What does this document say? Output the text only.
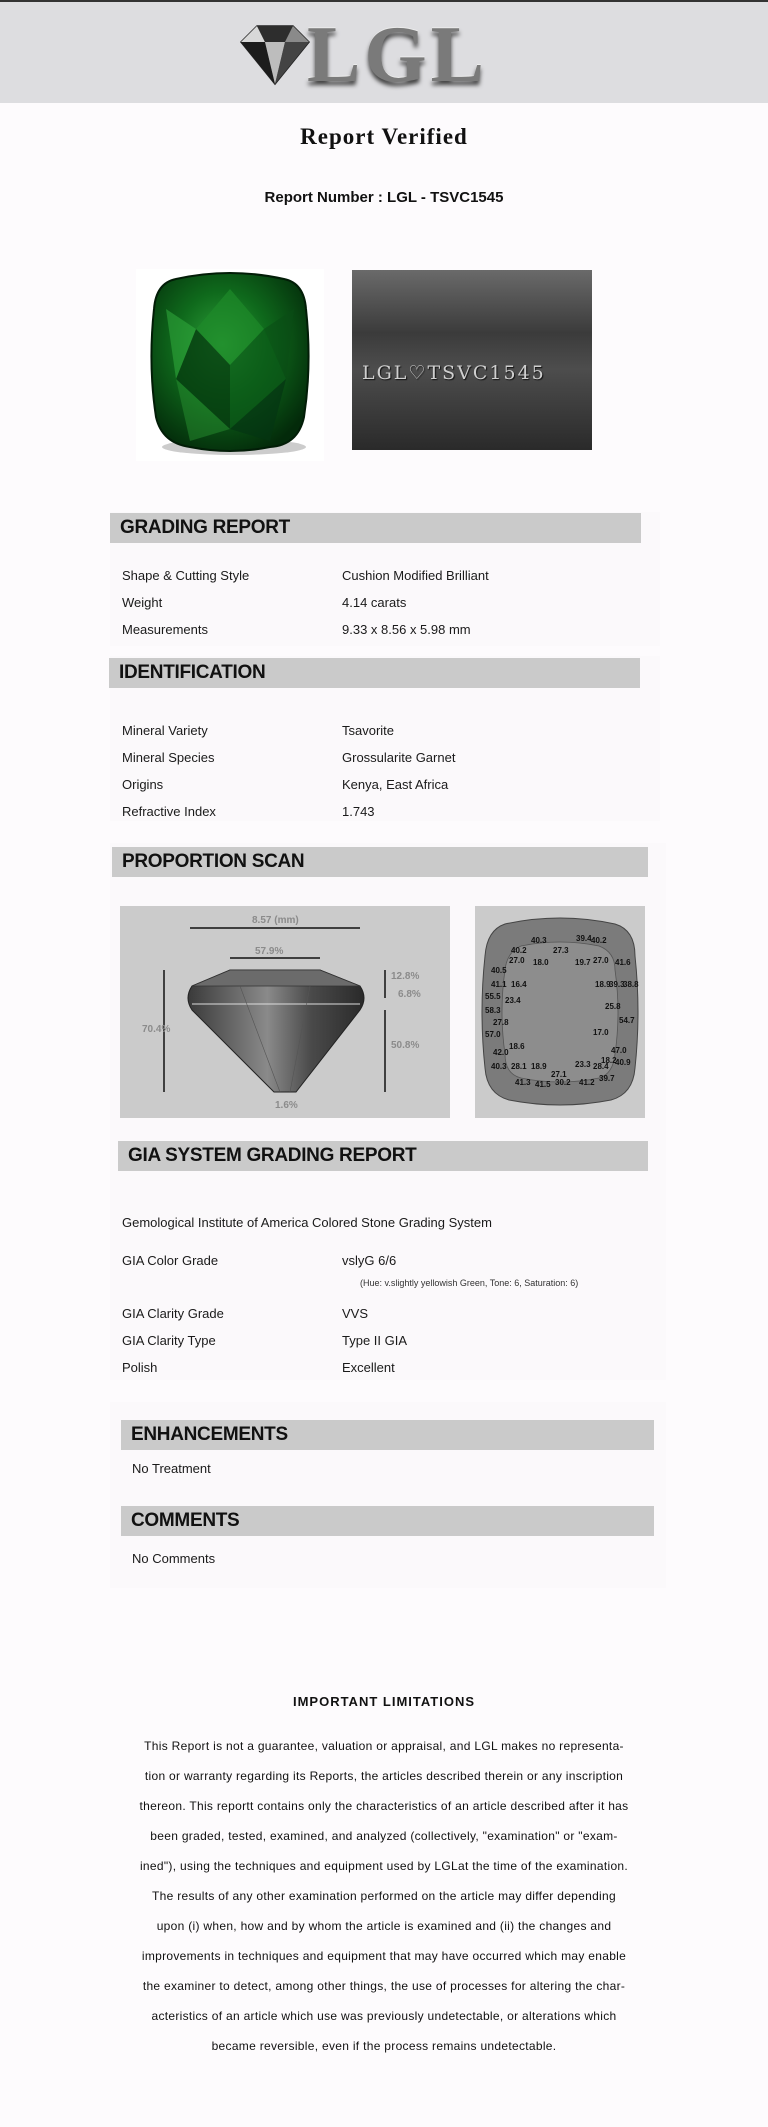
LGL
Report Verified
Report Number : LGL - TSVC1545
LGL♡TSVC1545
GRADING REPORT
Shape & Cutting Style	Cushion Modified Brilliant
Weight	4.14 carats
Measurements	9.33 x 8.56 x 5.98 mm
IDENTIFICATION
Mineral Variety	Tsavorite
Mineral Species	Grossularite Garnet
Origins	Kenya, East Africa
Refractive Index	1.743
PROPORTION SCAN
8.57 (mm)
57.9%
70.4%
12.8%
6.8%
50.8%
1.6%
40.3	39.4 40.2
27.3
40.2
27.0 18.0	19.7 27.0 41.6
40.5
41.1 16.4	18.9
39.3
38.8
55.5 23.4
58.3	25.8
27.8	54.7
57.0	17.0
18.6
42.0	47.0
40.3 28.1 18.9	23.3 18.2
28.4 40.9
27.1
41.3 41.5 30.2 41.2 39.7
GIA SYSTEM GRADING REPORT
Gemological Institute of America Colored Stone Grading System
GIA Color Grade	vslyG 6/6
(Hue: v.slightly yellowish Green, Tone: 6, Saturation: 6)
GIA Clarity Grade	VVS
GIA Clarity Type	Type II GIA
Polish	Excellent
ENHANCEMENTS
No Treatment
COMMENTS
No Comments
IMPORTANT LIMITATIONS
This Report is not a guarantee, valuation or appraisal, and LGL makes no representa-
tion or warranty regarding its Reports, the articles described therein or any inscription
thereon. This reportt contains only the characteristics of an article described after it has
been graded, tested, examined, and analyzed (collectively, "examination" or "exam-
ined"), using the techniques and equipment used by LGLat the time of the examination.
The results of any other examination performed on the article may differ depending
upon (i) when, how and by whom the article is examined and (ii) the changes and
improvements in techniques and equipment that may have occurred which may enable
the examiner to detect, among other things, the use of processes for altering the char-
acteristics of an article which use was previously undetectable, or alterations which
became reversible, even if the process remains undetectable.
